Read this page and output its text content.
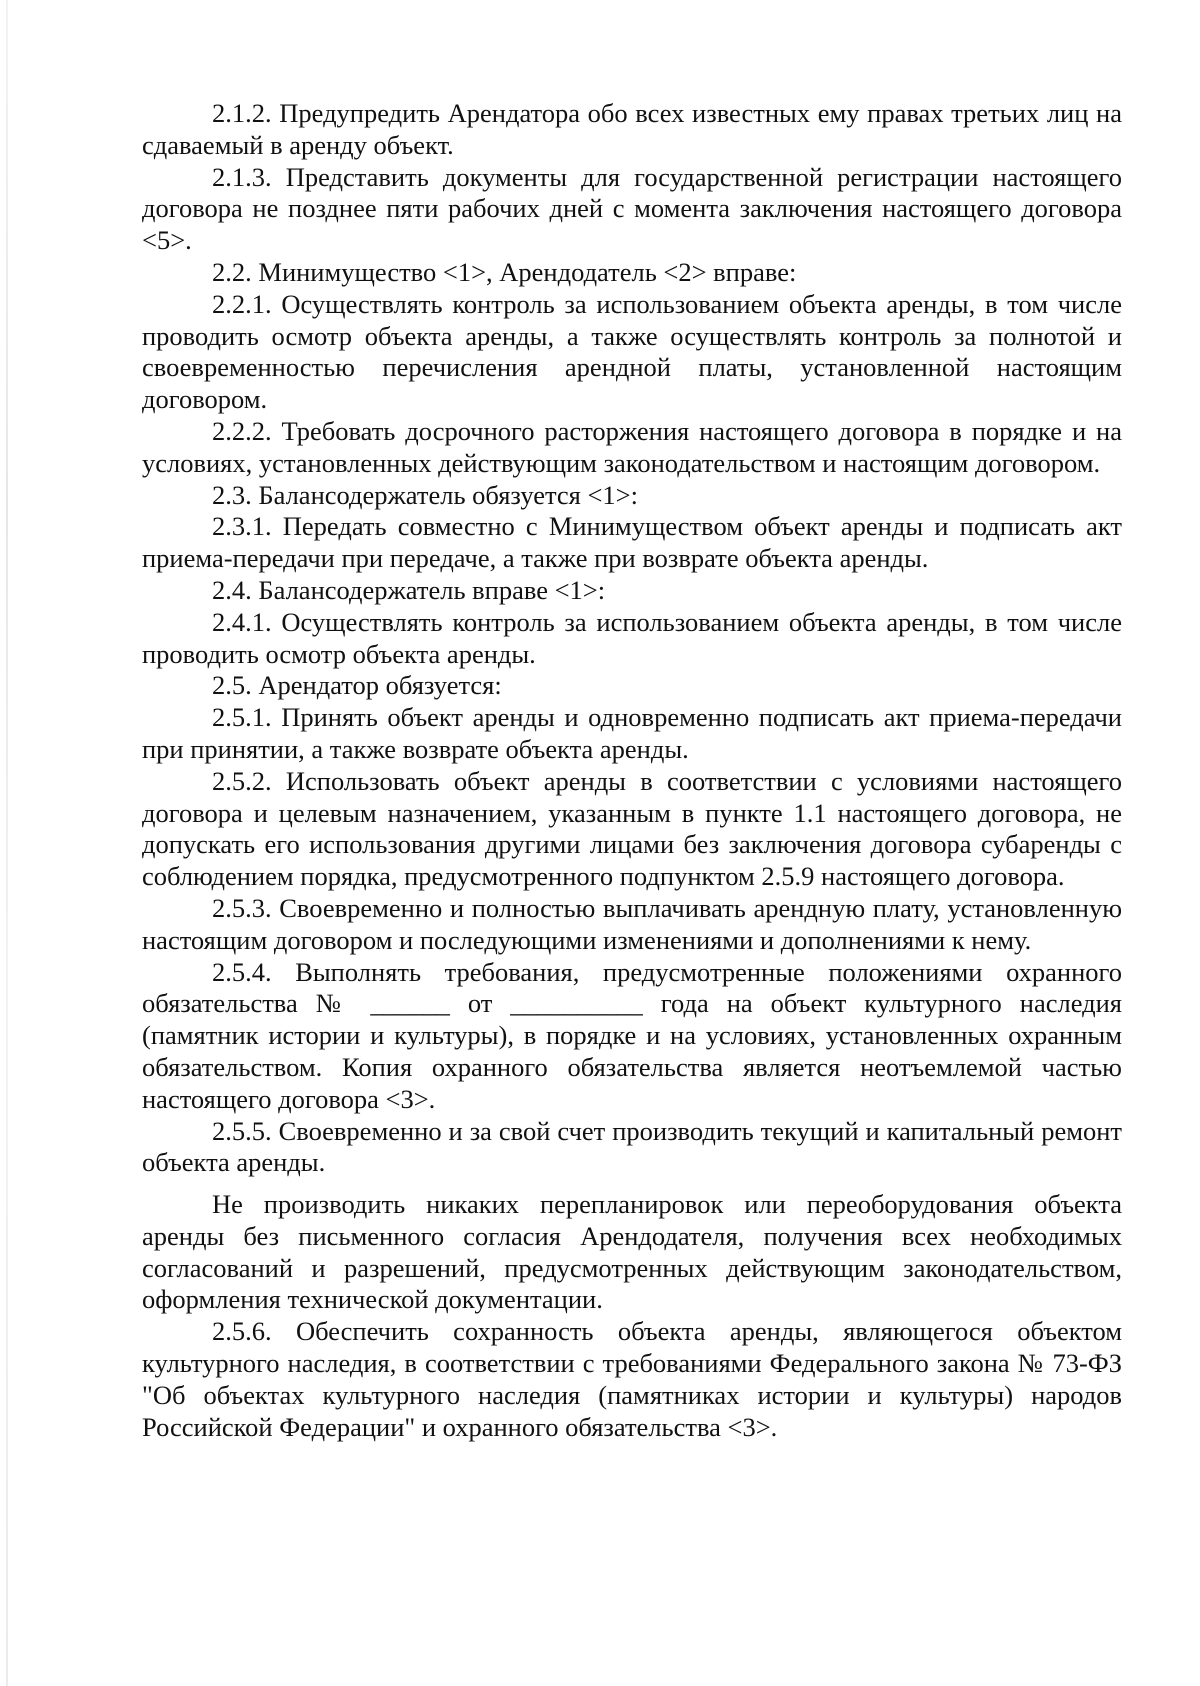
2.1.2. Предупредить Арендатора обо всех известных ему правах третьих лиц на сдаваемый в аренду объект.

2.1.3. Представить документы для государственной регистрации настоящего договора не позднее пяти рабочих дней с момента заключения настоящего договора <5>.

2.2. Минимущество <1>, Арендодатель <2> вправе:

2.2.1. Осуществлять контроль за использованием объекта аренды, в том числе проводить осмотр объекта аренды, а также осуществлять контроль за полнотой и своевременностью перечисления арендной платы, установленной настоящим договором.

2.2.2. Требовать досрочного расторжения настоящего договора в порядке и на условиях, установленных действующим законодательством и настоящим договором.

2.3. Балансодержатель обязуется <1>:

2.3.1. Передать совместно с Минимуществом объект аренды и подписать акт приема-передачи при передаче, а также при возврате объекта аренды.

2.4. Балансодержатель вправе <1>:

2.4.1. Осуществлять контроль за использованием объекта аренды, в том числе проводить осмотр объекта аренды.

2.5. Арендатор обязуется:

2.5.1. Принять объект аренды и одновременно подписать акт приема-передачи при принятии, а также возврате объекта аренды.

2.5.2. Использовать объект аренды в соответствии с условиями настоящего договора и целевым назначением, указанным в пункте 1.1 настоящего договора, не допускать его использования другими лицами без заключения договора субаренды с соблюдением порядка, предусмотренного подпунктом 2.5.9 настоящего договора.

2.5.3. Своевременно и полностью выплачивать арендную плату, установленную настоящим договором и последующими изменениями и дополнениями к нему.

2.5.4. Выполнять требования, предусмотренные положениями охранного обязательства № ______ от __________ года на объект культурного наследия (памятник истории и культуры), в порядке и на условиях, установленных охранным обязательством. Копия охранного обязательства является неотъемлемой частью настоящего договора <3>.

2.5.5. Своевременно и за свой счет производить текущий и капитальный ремонт объекта аренды.

Не производить никаких перепланировок или переоборудования объекта аренды без письменного согласия Арендодателя, получения всех необходимых согласований и разрешений, предусмотренных действующим законодательством, оформления технической документации.

2.5.6. Обеспечить сохранность объекта аренды, являющегося объектом культурного наследия, в соответствии с требованиями Федерального закона № 73-ФЗ "Об объектах культурного наследия (памятниках истории и культуры) народов Российской Федерации" и охранного обязательства <3>.
